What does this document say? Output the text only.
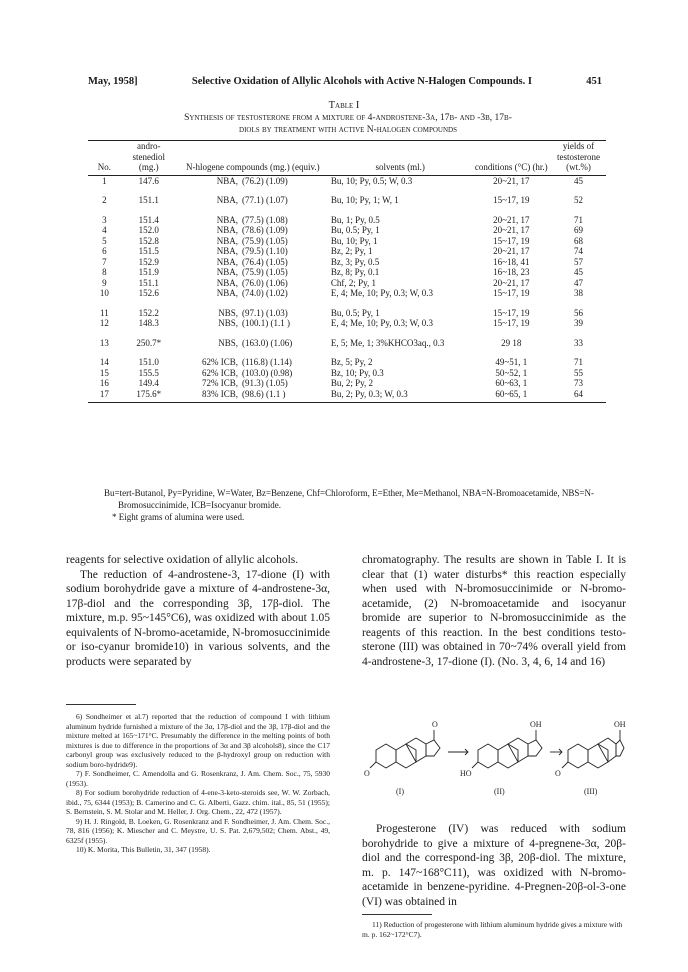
May, 1958]	Selective Oxidation of Allylic Alcohols with Active N-Halogen Compounds. I	451
Table I
Synthesis of testosterone from a mixture of 4-androstene-3α, 17β- and -3β, 17β-
diols by treatment with active N-halogen compounds
No.	andro- stenediol (mg.)	N-hlogene compounds (mg.) (equiv.)		solvents (ml.)	conditions (°C) (hr.)	yields of testosterone (wt.%)
1	147.6	NBA,	(76.2) (1.09)	Bu, 10; Py, 0.5; W, 0.3	20~21, 17	45
2	151.1	NBA,	(77.1) (1.07)	Bu, 10; Py, 1; W, 1	15~17, 19	52
3	151.4	NBA,	(77.5) (1.08)	Bu, 1; Py, 0.5	20~21, 17	71
4	152.0	NBA,	(78.6) (1.09)	Bu, 0.5; Py, 1	20~21, 17	69
5	152.8	NBA,	(75.9) (1.05)	Bu, 10; Py, 1	15~17, 19	68
6	151.5	NBA,	(79.5) (1.10)	Bz, 2; Py, 1	20~21, 17	74
7	152.9	NBA,	(76.4) (1.05)	Bz, 3; Py, 0.5	16~18, 41	57
8	151.9	NBA,	(75.9) (1.05)	Bz, 8; Py, 0.1	16~18, 23	45
9	151.1	NBA,	(76.0) (1.06)	Chf, 2; Py, 1	20~21, 17	47
10	152.6	NBA,	(74.0) (1.02)	E, 4; Me, 10; Py, 0.3; W, 0.3	15~17, 19	38
11	152.2	NBS,	(97.1) (1.03)	Bu, 0.5; Py, 1	15~17, 19	56
12	148.3	NBS,	(100.1) (1.1 )	E, 4; Me, 10; Py, 0.3; W, 0.3	15~17, 19	39
13	250.7*	NBS,	(163.0) (1.06)	E, 5; Me, 1; 3%KHCO3aq., 0.3	29 18	33
14	151.0	62% ICB,	(116.8) (1.14)	Bz, 5; Py, 2	49~51, 1	71
15	155.5	62% ICB,	(103.0) (0.98)	Bz, 10; Py, 0.3	50~52, 1	55
16	149.4	72% ICB,	(91.3) (1.05)	Bu, 2; Py, 2	60~63, 1	73
17	175.6*	83% ICB,	(98.6) (1.1 )	Bu, 2; Py, 0.3; W, 0.3	60~65, 1	64
Bu=tert-Butanol, Py=Pyridine, W=Water, Bz=Benzene, Chf=Chloroform, E=Ether, Me=Methanol, NBA=N-Bromoacetamide, NBS=N-Bromosuccinimide, ICB=Isocyanur bromide.
* Eight grams of alumina were used.

reagents for selective oxidation of allylic alcohols.

The reduction of 4-androstene-3, 17-dione (I) with sodium borohydride gave a mixture of 4-androstene-3α, 17β-diol and the corresponding 3β, 17β-diol. The mixture, m.p. 95~145°C6), was oxidized with about 1.05 equivalents of N-bromo-acetamide, N-bromosuccinimide or iso-cyanur bromide10) in various solvents, and the products were separated by

6) Sondheimer et al.7) reported that the reduction of compound I with lithium aluminum hydride furnished a mixture of the 3α, 17β-diol and the 3β, 17β-diol and the mixture melted at 165~171°C. Presumably the difference in the melting points of both mixtures is due to difference in the proportions of 3α and 3β alcohols8), since the C17 carbonyl group was exclusively reduced to the β-hydroxyl group on reduction with sodium boro-hydride9).

7) F. Sondheimer, C. Amendolla and G. Rosenkranz, J. Am. Chem. Soc., 75, 5930 (1953).

8) For sodium borohydride reduction of 4-ene-3-keto-steroids see, W. W. Zorbach, ibid., 75, 6344 (1953); B. Camerino and C. G. Alberti, Gazz. chim. ital., 85, 51 (1955); S. Bernstein, S. M. Stolar and M. Heller, J. Org. Chem., 22, 472 (1957).

9) H. J. Ringold, B. Loeken, G. Rosenkranz and F. Sondheimer, J. Am. Chem. Soc., 78, 816 (1956); K. Miescher and C. Meystre, U. S. Pat. 2,679,502; Chem. Abst., 49, 6325f (1955).

10) K. Morita, This Bulletin, 31, 347 (1958).

chromatography. The results are shown in Table I. It is clear that (1) water disturbs* this reaction especially when used with N-bromosuccinimide or N-bromo-acetamide, (2) N-bromoacetamide and isocyanur bromide are superior to N-bromosuccinimide as the reagents of this reaction. In the best conditions testo-sterone (III) was obtained in 70~74% overall yield from 4-androstene-3, 17-dione (I). (No. 3, 4, 6, 14 and 16)

O	OH	OH
O	HO	O
(I)	(II)	(III)

Progesterone (IV) was reduced with sodium borohydride to give a mixture of 4-pregnene-3α, 20β-diol and the correspond-ing 3β, 20β-diol. The mixture, m. p. 147~168°C11), was oxidized with N-bromo-acetamide in benzene-pyridine. 4-Pregnen-20β-ol-3-one (VI) was obtained in

11) Reduction of progesterone with lithium aluminum hydride gives a mixture with m. p. 162~172°C7).
